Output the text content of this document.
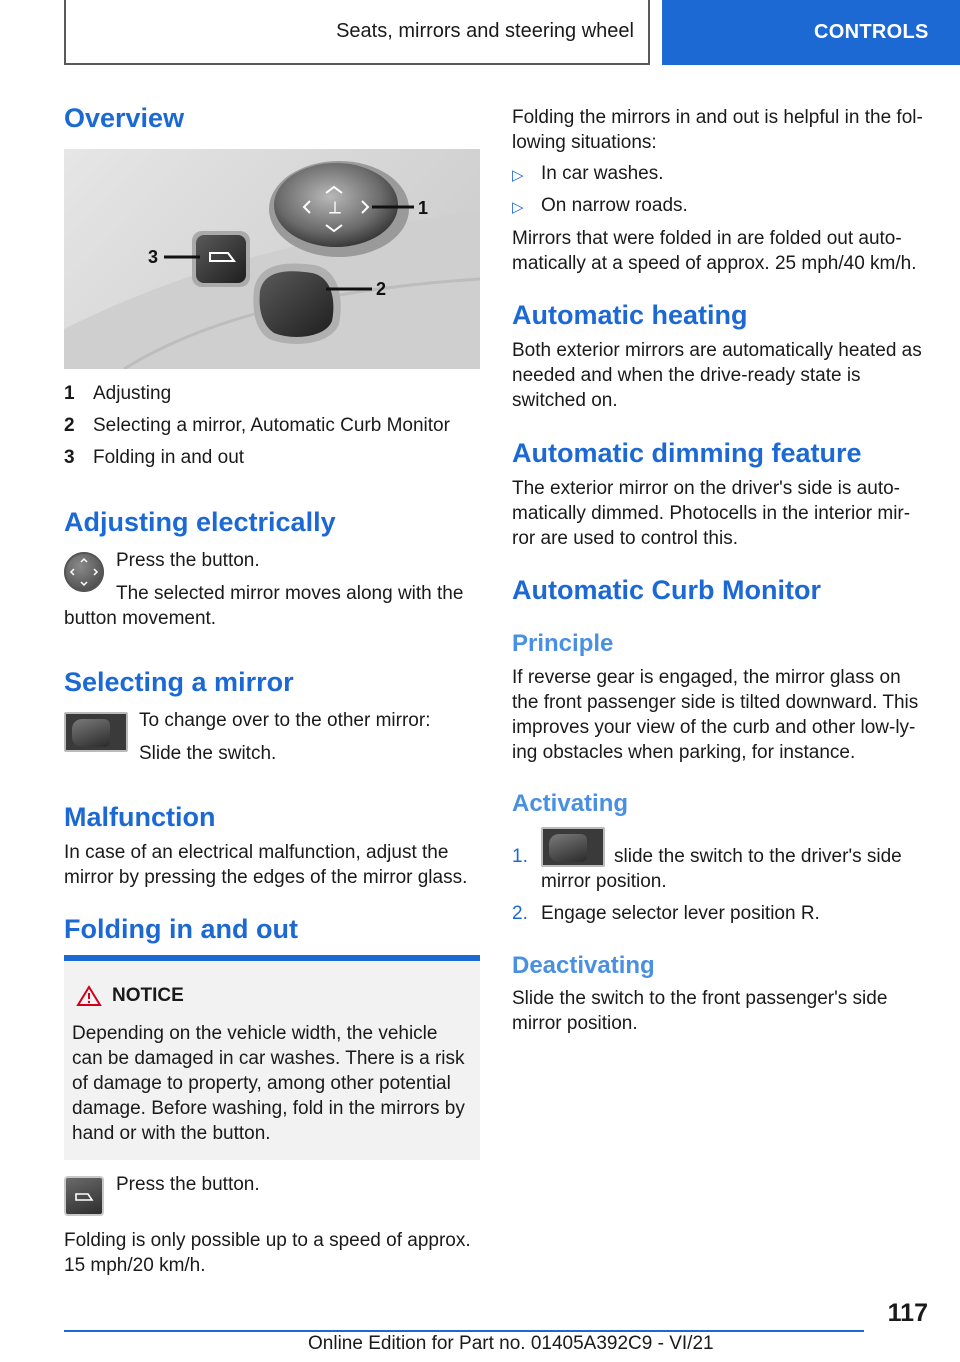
Seats, mirrors and steering wheel	CONTROLS
Overview
⟂	1
3
2
1 Adjusting
2 Selecting a mirror, Automatic Curb Monitor
3 Folding in and out
Adjusting electrically
Press the button.
The selected mirror moves along with the
button movement.
Selecting a mirror
To change over to the other mirror:
Slide the switch.
Malfunction
In case of an electrical malfunction, adjust the
mirror by pressing the edges of the mirror glass.
Folding in and out
NOTICE
Depending on the vehicle width, the vehicle
can be damaged in car washes. There is a risk
of damage to property, among other potential
damage. Before washing, fold in the mirrors by
hand or with the button.
Press the button.
Folding is only possible up to a speed of approx.
15 mph/20 km/h.
Folding the mirrors in and out is helpful in the fol-
lowing situations:
▷ In car washes.
▷ On narrow roads.
Mirrors that were folded in are folded out auto-
matically at a speed of approx. 25 mph/40 km/h.
Automatic heating
Both exterior mirrors are automatically heated as
needed and when the drive-ready state is
switched on.
Automatic dimming feature
The exterior mirror on the driver's side is auto-
matically dimmed. Photocells in the interior mir-
ror are used to control this.
Automatic Curb Monitor
Principle
If reverse gear is engaged, the mirror glass on
the front passenger side is tilted downward. This
improves your view of the curb and other low-ly-
ing obstacles when parking, for instance.
Activating
1.	slide the switch to the driver's side
mirror position.
2. Engage selector lever position R.
Deactivating
Slide the switch to the front passenger's side
mirror position.
117
Online Edition for Part no. 01405A392C9 - VI/21
